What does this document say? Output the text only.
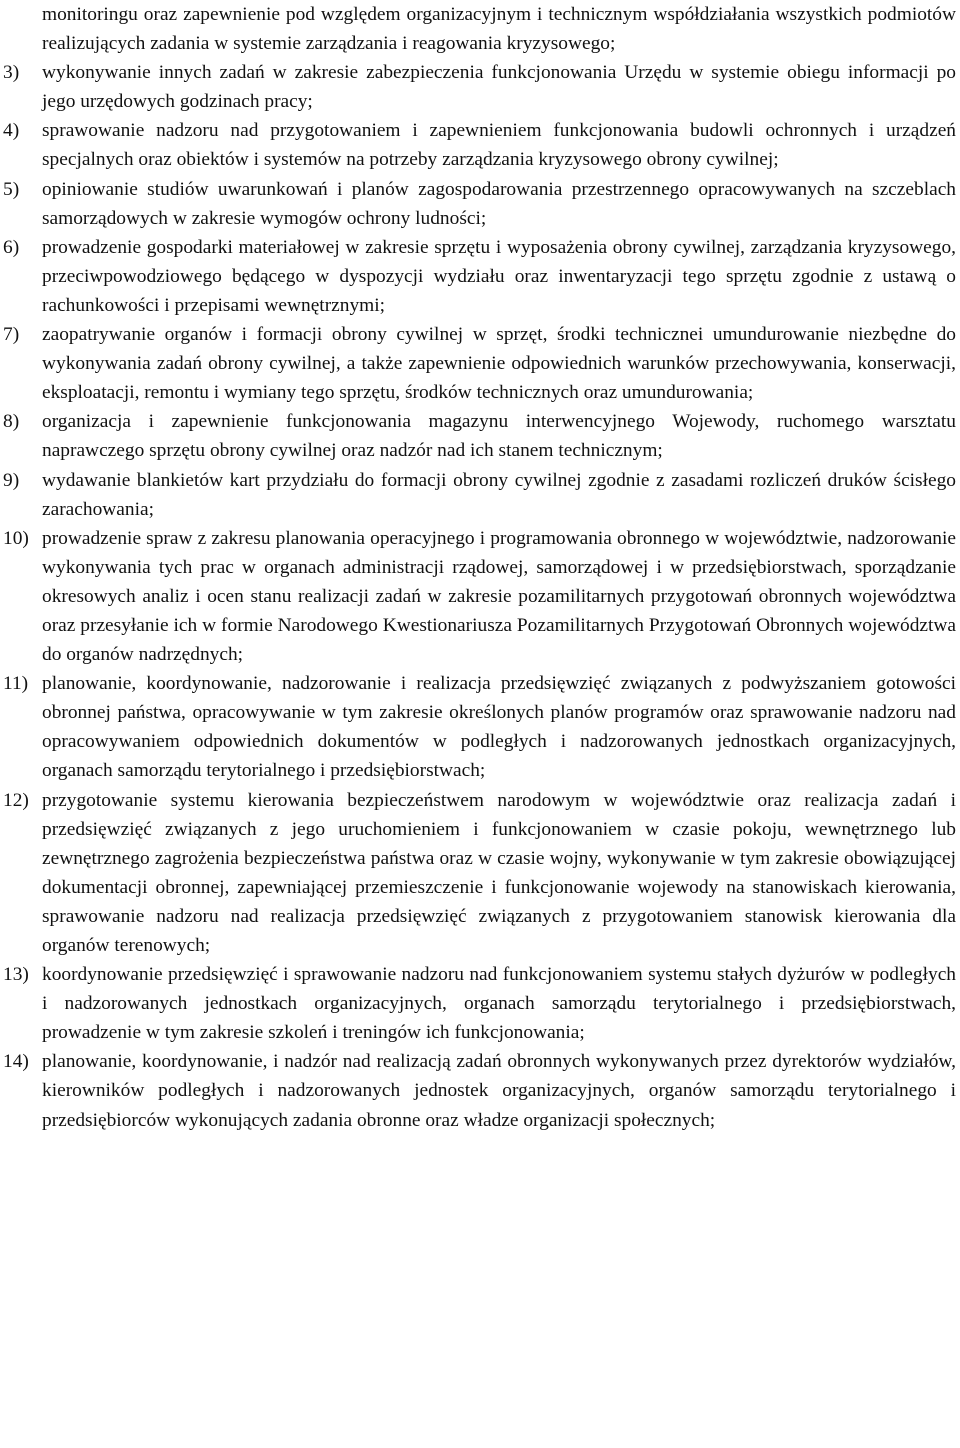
monitoringu oraz zapewnienie pod względem organizacyjnym i technicznym współdziałania wszystkich podmiotów realizujących zadania w systemie zarządzania i reagowania kryzysowego;

3) wykonywanie innych zadań w zakresie zabezpieczenia funkcjonowania Urzędu w systemie obiegu informacji po jego urzędowych godzinach pracy;

4) sprawowanie nadzoru nad przygotowaniem i zapewnieniem funkcjonowania budowli ochronnych i urządzeń specjalnych oraz obiektów i systemów na potrzeby zarządzania kryzysowego obrony cywilnej;

5) opiniowanie studiów uwarunkowań i planów zagospodarowania przestrzennego opracowywanych na szczeblach samorządowych w zakresie wymogów ochrony ludności;

6) prowadzenie gospodarki materiałowej w zakresie sprzętu i wyposażenia obrony cywilnej, zarządzania kryzysowego, przeciwpowodziowego będącego w dyspozycji wydziału oraz inwentaryzacji tego sprzętu zgodnie z ustawą o rachunkowości i przepisami wewnętrznymi;

7) zaopatrywanie organów i formacji obrony cywilnej w sprzęt, środki technicznei umundurowanie niezbędne do wykonywania zadań obrony cywilnej, a także zapewnienie odpowiednich warunków przechowywania, konserwacji, eksploatacji, remontu i wymiany tego sprzętu, środków technicznych oraz umundurowania;

8) organizacja i zapewnienie funkcjonowania magazynu interwencyjnego Wojewody, ruchomego warsztatu naprawczego sprzętu obrony cywilnej oraz nadzór nad ich stanem technicznym;

9) wydawanie blankietów kart przydziału do formacji obrony cywilnej zgodnie z zasadami rozliczeń druków ścisłego zarachowania;

10) prowadzenie spraw z zakresu planowania operacyjnego i programowania obronnego w województwie, nadzorowanie wykonywania tych prac w organach administracji rządowej, samorządowej i w przedsiębiorstwach, sporządzanie okresowych analiz i ocen stanu realizacji zadań w zakresie pozamilitarnych przygotowań obronnych województwa oraz przesyłanie ich w formie Narodowego Kwestionariusza Pozamilitarnych Przygotowań Obronnych województwa do organów nadrzędnych;

11) planowanie, koordynowanie, nadzorowanie i realizacja przedsięwzięć związanych z podwyższaniem gotowości obronnej państwa, opracowywanie w tym zakresie określonych planów programów oraz sprawowanie nadzoru nad opracowywaniem odpowiednich dokumentów w podległych i nadzorowanych jednostkach organizacyjnych, organach samorządu terytorialnego i przedsiębiorstwach;

12) przygotowanie systemu kierowania bezpieczeństwem narodowym w województwie oraz realizacja zadań i przedsięwzięć związanych z jego uruchomieniem i funkcjonowaniem w czasie pokoju, wewnętrznego lub zewnętrznego zagrożenia bezpieczeństwa państwa oraz w czasie wojny, wykonywanie w tym zakresie obowiązującej dokumentacji obronnej, zapewniającej przemieszczenie i funkcjonowanie wojewody na stanowiskach kierowania, sprawowanie nadzoru nad realizacja przedsięwzięć związanych z przygotowaniem stanowisk kierowania dla organów terenowych;

13) koordynowanie przedsięwzięć i sprawowanie nadzoru nad funkcjonowaniem systemu stałych dyżurów w podległych i nadzorowanych jednostkach organizacyjnych, organach samorządu terytorialnego i przedsiębiorstwach, prowadzenie w tym zakresie szkoleń i treningów ich funkcjonowania;

14) planowanie, koordynowanie, i nadzór nad realizacją zadań obronnych wykonywanych przez dyrektorów wydziałów, kierowników podległych i nadzorowanych jednostek organizacyjnych, organów samorządu terytorialnego i przedsiębiorców wykonujących zadania obronne oraz władze organizacji społecznych;
